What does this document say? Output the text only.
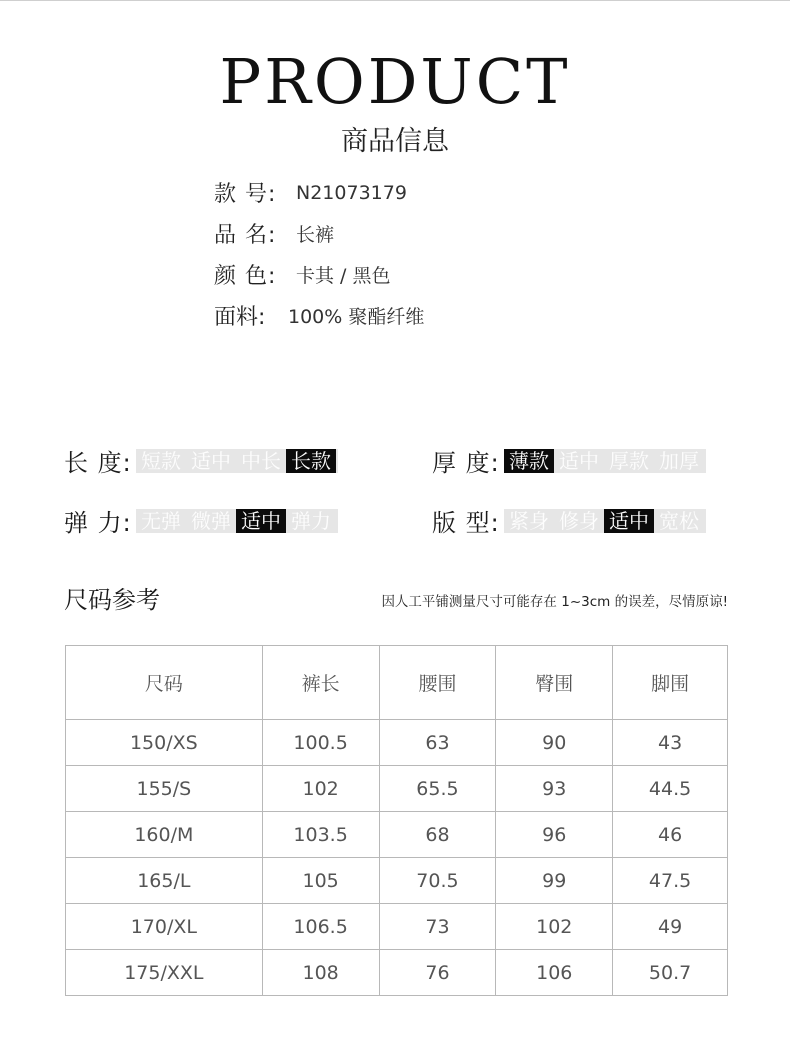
PRODUCT
商品信息
款 号:	N21073179
品 名:	长裤
颜 色:	卡其 / 黑色
面料:	100% 聚酯纤维
长 度: 短款 适中 中长 长款	厚 度: 薄款 适中 厚款 加厚
弹 力: 无弹 微弹 适中 弹力	版 型: 紧身 修身 适中 宽松
尺码参考	因人工平铺测量尺寸可能存在 1~3cm 的误差，尽情原谅!
尺码	裤长	腰围	臀围	脚围
150/XS	100.5	63	90	43
155/S	102	65.5	93	44.5
160/M	103.5	68	96	46
165/L	105	70.5	99	47.5
170/XL	106.5	73	102	49
175/XXL	108	76	106	50.7
